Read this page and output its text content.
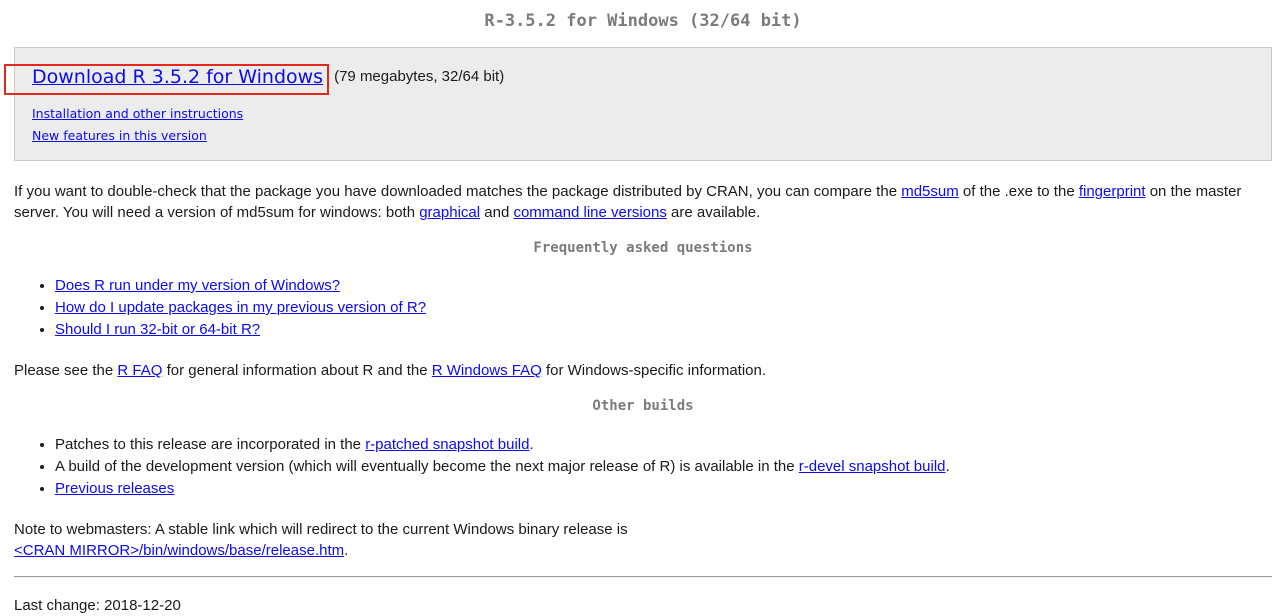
R-3.5.2 for Windows (32/64 bit)
Download R 3.5.2 for Windows (79 megabytes, 32/64 bit)
Installation and other instructions
New features in this version

If you want to double-check that the package you have downloaded matches the package distributed by CRAN, you can compare the md5sum of the .exe to the fingerprint on the master server. You will need a version of md5sum for windows: both graphical and command line versions are available.

Frequently asked questions
• Does R run under my version of Windows?
• How do I update packages in my previous version of R?
• Should I run 32-bit or 64-bit R?

Please see the R FAQ for general information about R and the R Windows FAQ for Windows-specific information.

Other builds
• Patches to this release are incorporated in the r-patched snapshot build.
• A build of the development version (which will eventually become the next major release of R) is available in the r-devel snapshot build.
• Previous releases

Note to webmasters: A stable link which will redirect to the current Windows binary release is
<CRAN MIRROR>/bin/windows/base/release.htm.

Last change: 2018-12-20
